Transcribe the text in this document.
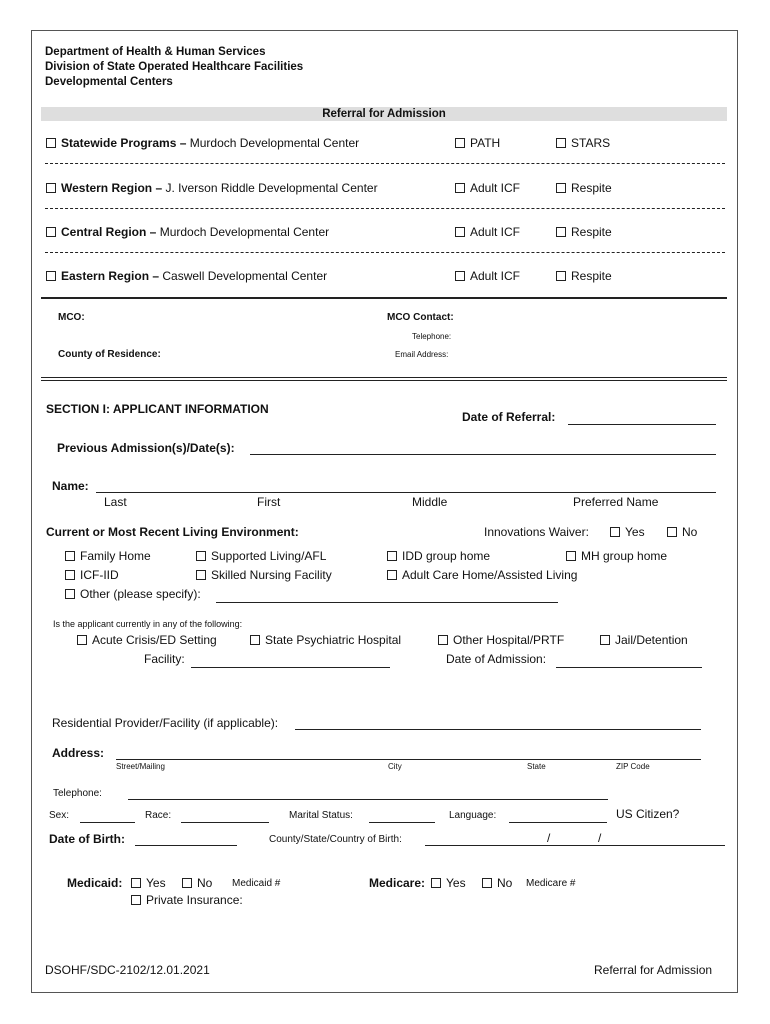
Department of Health & Human Services
Division of State Operated Healthcare Facilities
Developmental Centers
Referral for Admission
Statewide Programs – Murdoch Developmental Center	PATH	STARS
Western Region – J. Iverson Riddle Developmental Center	Adult ICF	Respite
Central Region – Murdoch Developmental Center	Adult ICF	Respite
Eastern Region – Caswell Developmental Center	Adult ICF	Respite
MCO:
County of Residence:
MCO Contact:
Telephone:
Email Address:
SECTION I: APPLICANT INFORMATION
Date of Referral:
Previous Admission(s)/Date(s):
Name:
Last	First	Middle	Preferred Name
Current or Most Recent Living Environment:	Innovations Waiver:	Yes	No
Family Home	Supported Living/AFL	IDD group home	MH group home
ICF-IID	Skilled Nursing Facility	Adult Care Home/Assisted Living
Other (please specify):
Is the applicant currently in any of the following:
Acute Crisis/ED Setting	State Psychiatric Hospital	Other Hospital/PRTF	Jail/Detention
Facility:	Date of Admission:
Residential Provider/Facility (if applicable):
Address:
Street/Mailing	City	State	ZIP Code
Telephone:
Sex:	Race:	Marital Status:	Language:	US Citizen?
Date of Birth:	County/State/Country of Birth:	/	/
Medicaid:	Yes	No Medicaid #	Medicare:	Yes	No Medicare #
Private Insurance:
DSOHF/SDC-2102/12.01.2021	Referral for Admission
